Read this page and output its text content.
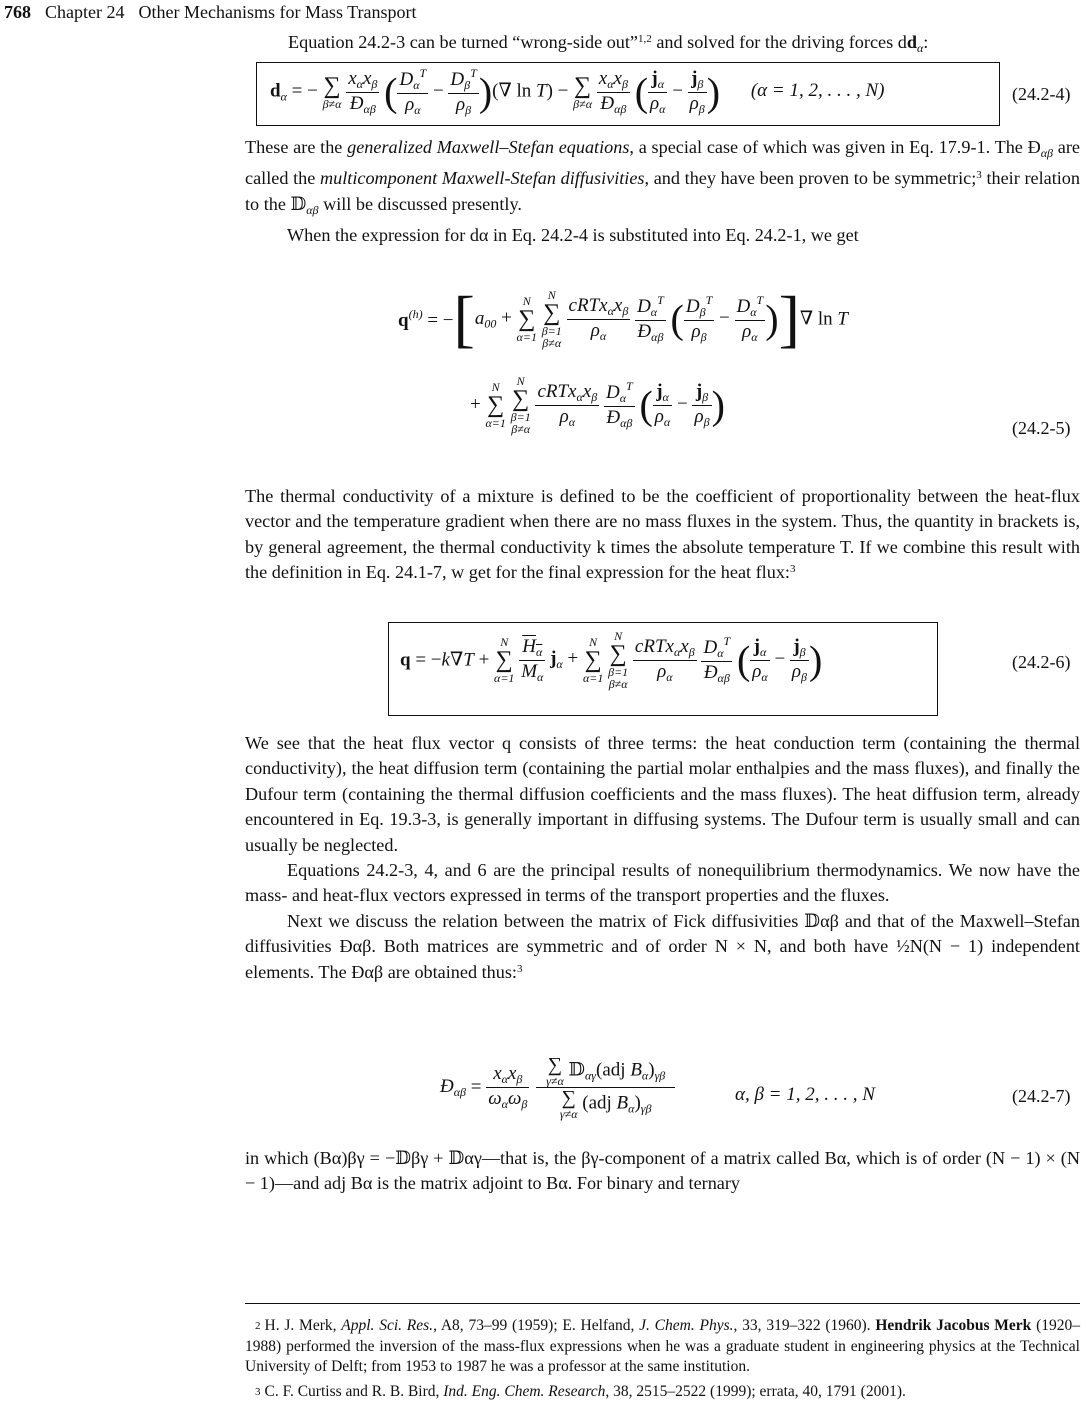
768 Chapter 24 Other Mechanisms for Mass Transport

Equation 24.2-3 can be turned “wrong-side out”$^{1,2}$ and solved for the driving forces $dd_\alpha$:

$d_\alpha$ = − ∑
β≠α
$\frac{x_\alpha x_\beta}{Đ_{\alpha\beta}}$ ( $\frac{D_\alpha^T}{\rho_\alpha} - \frac{D_\beta^T}{\rho_\beta}$ )(∇ ln T) − ∑
β≠α
$\frac{x_\alpha x_\beta}{Đ_{\alpha\beta}}$ ( $\frac{j_\alpha}{\rho_\alpha} - \frac{j_\beta}{\rho_\beta}$ ) (α = 1, 2, . . . , N)	(24.2-4)

These are the generalized Maxwell–Stefan equations, a special case of which was given in Eq. 17.9-1. The $Đ_{\alpha\beta}$ are called the multicomponent Maxwell-Stefan diffusivities, and they have been proven to be symmetric;$^3$ their relation to the 𝔻$_{\alpha\beta}$ will be discussed presently.

When the expression for dα in Eq. 24.2-4 is substituted into Eq. 24.2-1, we get

$q^{(h)} = -[a_{00}$ +
N
∑
α=1

N
∑
β=1
β≠α
$\frac{cRTx_\alpha x_\beta}{\rho_\alpha}$
$\frac{D_\alpha^T}{Đ_{\alpha\beta}}$ ( $\frac{D_\beta^T}{\rho_\beta} - \frac{D_\alpha^T}{\rho_\alpha}$ )]∇ ln T
+
N
∑
α=1

N
∑
β=1
β≠α
$\frac{cRTx_\alpha x_\beta}{\rho_\alpha}$
$\frac{D_\alpha^T}{Đ_{\alpha\beta}}$ ( $\frac{j_\alpha}{\rho_\alpha} - \frac{j_\beta}{\rho_\beta}$ )
(24.2-5)

The thermal conductivity of a mixture is defined to be the coefficient of proportionality between the heat-flux vector and the temperature gradient when there are no mass fluxes in the system. Thus, the quantity in brackets is, by general agreement, the thermal conductivity k times the absolute temperature T. If we combine this result with the definition in Eq. 24.1-7, w get for the final expression for the heat flux:$^3$

q = −k∇T +
N
∑
α=1
$\frac{H_\alpha}{M_\alpha} j_\alpha$ +
N
∑
α=1

N
∑
β=1
β≠α
$\frac{cRTx_\alpha x_\beta}{\rho_\alpha}$
$\frac{D_\alpha^T}{Đ_{\alpha\beta}}$ ( $\frac{j_\alpha}{\rho_\alpha} - \frac{j_\beta}{\rho_\beta}$ )	(24.2-6)

We see that the heat flux vector q consists of three terms: the heat conduction term (containing the thermal conductivity), the heat diffusion term (containing the partial molar enthalpies and the mass fluxes), and finally the Dufour term (containing the thermal diffusion coefficients and the mass fluxes). The heat diffusion term, already encountered in Eq. 19.3-3, is generally important in diffusing systems. The Dufour term is usually small and can usually be neglected.

Equations 24.2-3, 4, and 6 are the principal results of nonequilibrium thermodynamics. We now have the mass- and heat-flux vectors expressed in terms of the transport properties and the fluxes.

Next we discuss the relation between the matrix of Fick diffusivities 𝔻αβ and that of the Maxwell–Stefan diffusivities Đαβ. Both matrices are symmetric and of order N × N, and both have ½N(N − 1) independent elements. The Đαβ are obtained thus:$^3$

$Đ_{\alpha\beta} = \frac{x_\alpha x_\beta}{\omega_\alpha\omega_\beta}$
∑
γ≠α
𝔻$_{\alpha\gamma}$(adj $B_\alpha)_{\gamma\beta}$
∑
γ≠α
(adj $B_\alpha)_{\gamma\beta}$	α, β = 1, 2, . . . , N	(24.2-7)

in which (Bα)βγ = −𝔻βγ + 𝔻αγ—that is, the βγ-component of a matrix called Bα, which is of order (N − 1) × (N − 1)—and adj Bα is the matrix adjoint to Bα. For binary and ternary

$^2$ H. J. Merk, Appl. Sci. Res., A8, 73–99 (1959); E. Helfand, J. Chem. Phys., 33, 319–322 (1960). Hendrik Jacobus Merk (1920–1988) performed the inversion of the mass-flux expressions when he was a graduate student in engineering physics at the Technical University of Delft; from 1953 to 1987 he was a professor at the same institution.
$^3$ C. F. Curtiss and R. B. Bird, Ind. Eng. Chem. Research, 38, 2515–2522 (1999); errata, 40, 1791 (2001).
